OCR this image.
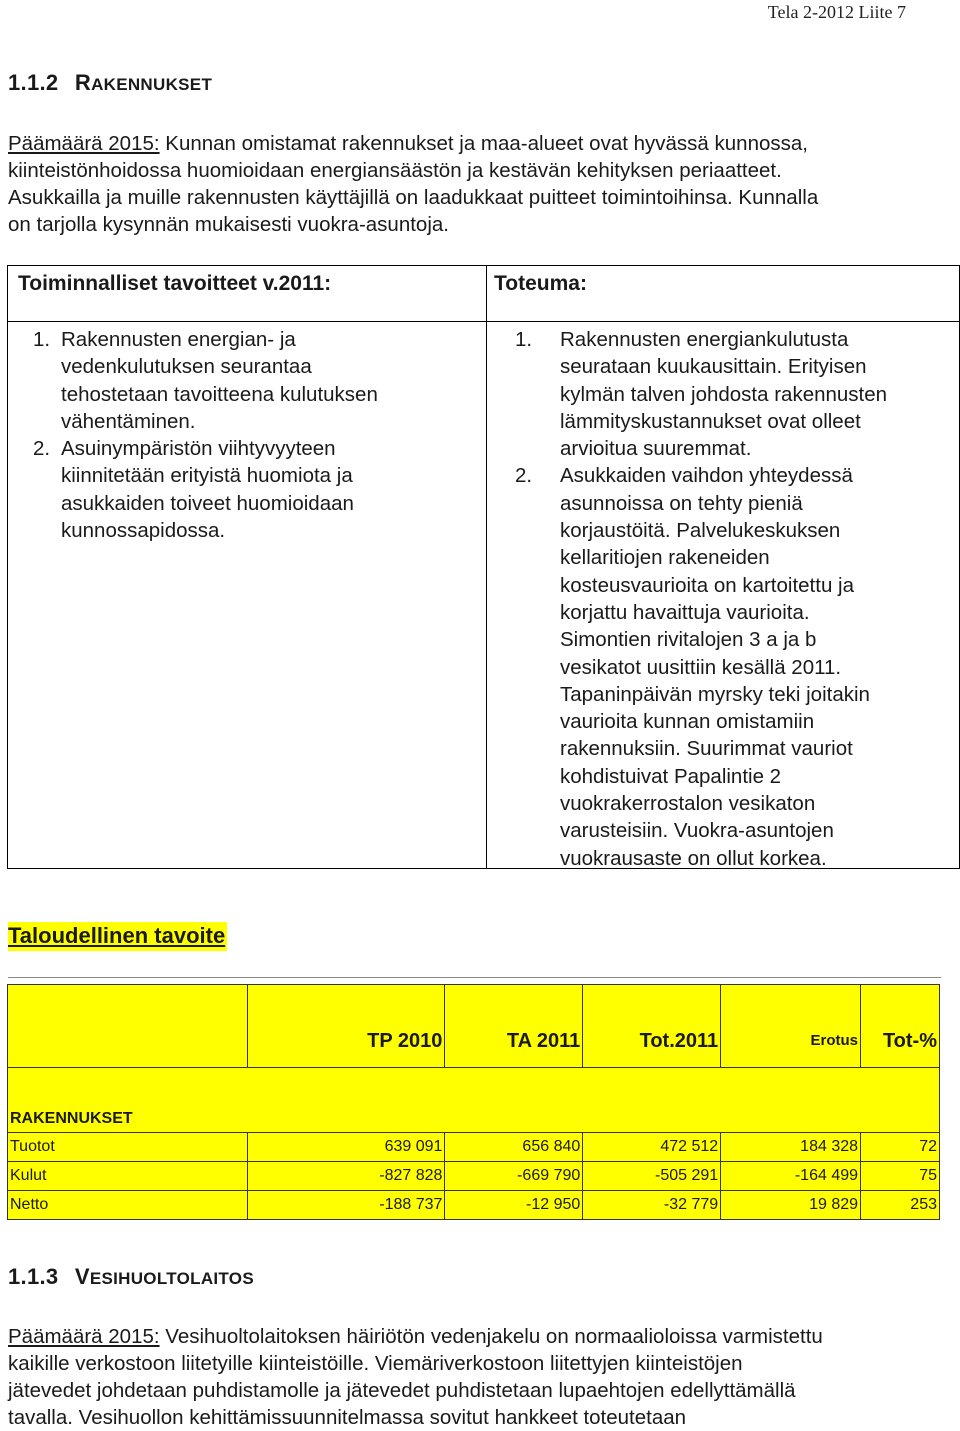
Tela 2-2012 Liite 7
1.1.2 RAKENNUKSET
Päämäärä 2015: Kunnan omistamat rakennukset ja maa-alueet ovat hyvässä kunnossa,
kiinteistönhoidossa huomioidaan energiansäästön ja kestävän kehityksen periaatteet.
Asukkailla ja muille rakennusten käyttäjillä on laadukkaat puitteet toimintoihinsa. Kunnalla
on tarjolla kysynnän mukaisesti vuokra-asuntoja.
Toiminnalliset tavoitteet v.2011:	Toteuma:
1. Rakennusten energian- ja
vedenkulutuksen seurantaa
tehostetaan tavoitteena kulutuksen
vähentäminen.
2. Asuinympäristön viihtyvyyteen
kiinnitetään erityistä huomiota ja
asukkaiden toiveet huomioidaan
kunnossapidossa.
1. Rakennusten energiankulutusta
seurataan kuukausittain. Erityisen
kylmän talven johdosta rakennusten
lämmityskustannukset ovat olleet
arvioitua suuremmat.
2. Asukkaiden vaihdon yhteydessä
asunnoissa on tehty pieniä
korjaustöitä. Palvelukeskuksen
kellaritiojen rakeneiden
kosteusvaurioita on kartoitettu ja
korjattu havaittuja vaurioita.
Simontien rivitalojen 3 a ja b
vesikatot uusittiin kesällä 2011.
Tapaninpäivän myrsky teki joitakin
vaurioita kunnan omistamiin
rakennuksiin. Suurimmat vauriot
kohdistuivat Papalintie 2
vuokrakerrostalon vesikaton
varusteisiin. Vuokra-asuntojen
vuokrausaste on ollut korkea.
Taloudellinen tavoite
	TP 2010	TA 2011	Tot.2011	Erotus	Tot-%
RAKENNUKSET					
Tuotot	639 091	656 840	472 512	184 328	72
Kulut	-827 828	-669 790	-505 291	-164 499	75
Netto	-188 737	-12 950	-32 779	19 829	253
1.1.3 VESIHUOLTOLAITOS
Päämäärä 2015: Vesihuoltolaitoksen häiriötön vedenjakelu on normaalioloissa varmistettu
kaikille verkostoon liitetyille kiinteistöille. Viemäriverkostoon liitettyjen kiinteistöjen
jätevedet johdetaan puhdistamolle ja jätevedet puhdistetaan lupaehtojen edellyttämällä
tavalla. Vesihuollon kehittämissuunnitelmassa sovitut hankkeet toteutetaan
